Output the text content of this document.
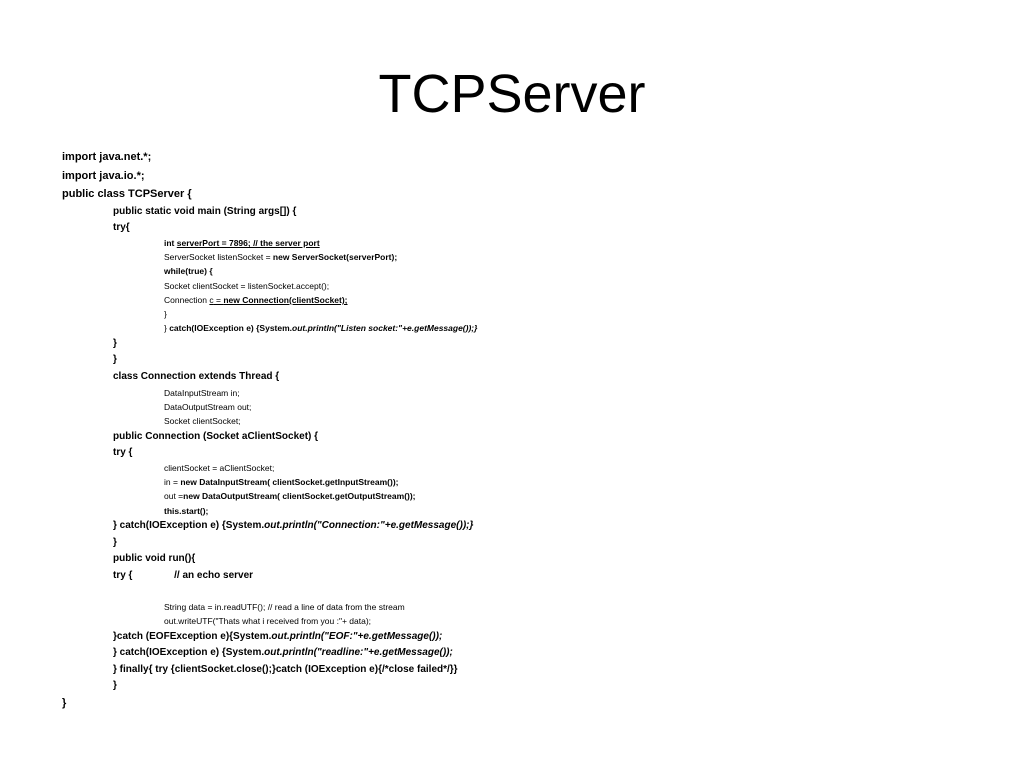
TCPServer
import java.net.*;
import java.io.*;
public class TCPServer {
public static void main (String args[]) {
try{
int serverPort = 7896; // the server port
ServerSocket listenSocket = new ServerSocket(serverPort);
while(true) {
Socket clientSocket = listenSocket.accept();
Connection c = new Connection(clientSocket);
}
} catch(IOException e) {System.out.println("Listen socket:"+e.getMessage());}
}
}
class Connection extends Thread {
DataInputStream in;
DataOutputStream out;
Socket clientSocket;
public Connection (Socket aClientSocket) {
try {
clientSocket = aClientSocket;
in = new DataInputStream( clientSocket.getInputStream());
out =new DataOutputStream( clientSocket.getOutputStream());
this.start();
} catch(IOException e) {System.out.println("Connection:"+e.getMessage());}
}
public void run(){
try {               // an echo server
String data = in.readUTF(); // read a line of data from the stream
out.writeUTF("Thats what i received from you :"+ data);
}catch (EOFException e){System.out.println("EOF:"+e.getMessage());
} catch(IOException e) {System.out.println("readline:"+e.getMessage());
} finally{ try {clientSocket.close();}catch (IOException e){/*close failed*/}}
}
}
